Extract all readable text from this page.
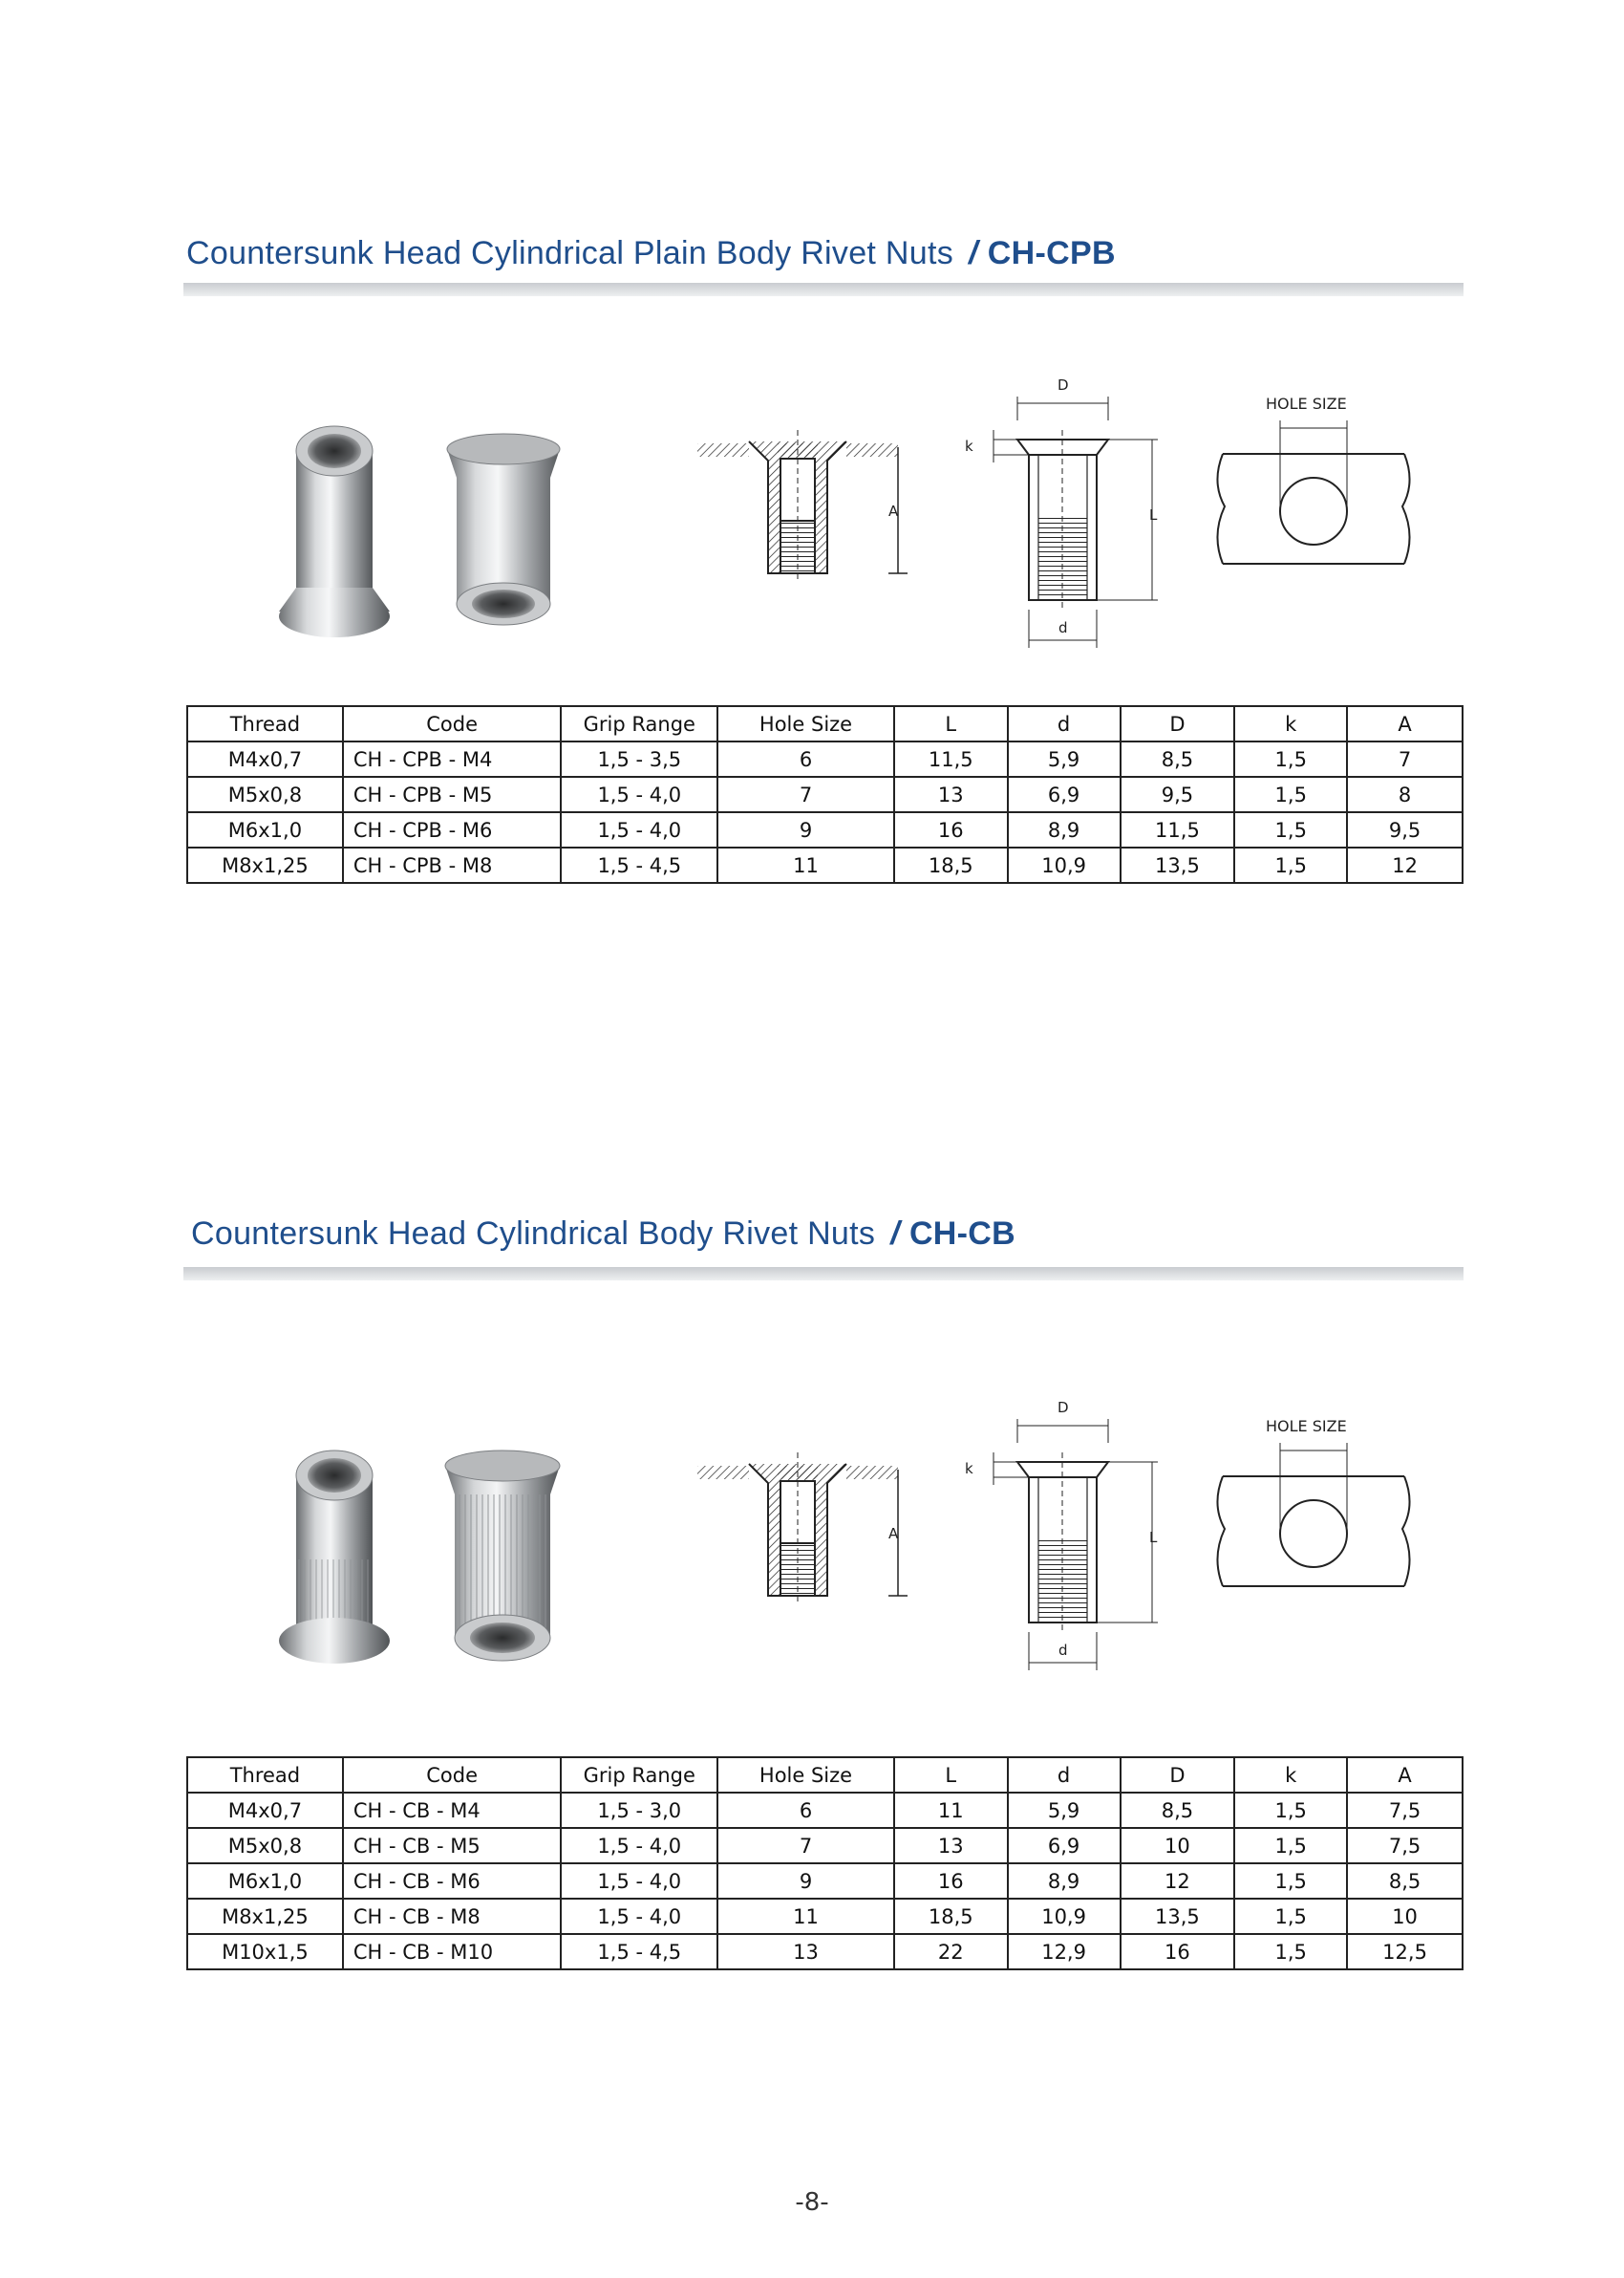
Countersunk Head Cylindrical Plain Body Rivet Nuts / CH-CPB
A
D
k
L
d
HOLE SIZE
Thread	Code	Grip Range	Hole Size	L	d	D	k	A
M4x0,7	CH - CPB - M4	1,5 - 3,5	6	11,5	5,9	8,5	1,5	7
M5x0,8	CH - CPB - M5	1,5 - 4,0	7	13	6,9	9,5	1,5	8
M6x1,0	CH - CPB - M6	1,5 - 4,0	9	16	8,9	11,5	1,5	9,5
M8x1,25	CH - CPB - M8	1,5 - 4,5	11	18,5	10,9	13,5	1,5	12
Countersunk Head Cylindrical Body Rivet Nuts / CH-CB
A
D
k
L
d
HOLE SIZE
Thread	Code	Grip Range	Hole Size	L	d	D	k	A
M4x0,7	CH - CB - M4	1,5 - 3,0	6	11	5,9	8,5	1,5	7,5
M5x0,8	CH - CB - M5	1,5 - 4,0	7	13	6,9	10	1,5	7,5
M6x1,0	CH - CB - M6	1,5 - 4,0	9	16	8,9	12	1,5	8,5
M8x1,25	CH - CB - M8	1,5 - 4,0	11	18,5	10,9	13,5	1,5	10
M10x1,5	CH - CB - M10	1,5 - 4,5	13	22	12,9	16	1,5	12,5
-8-
